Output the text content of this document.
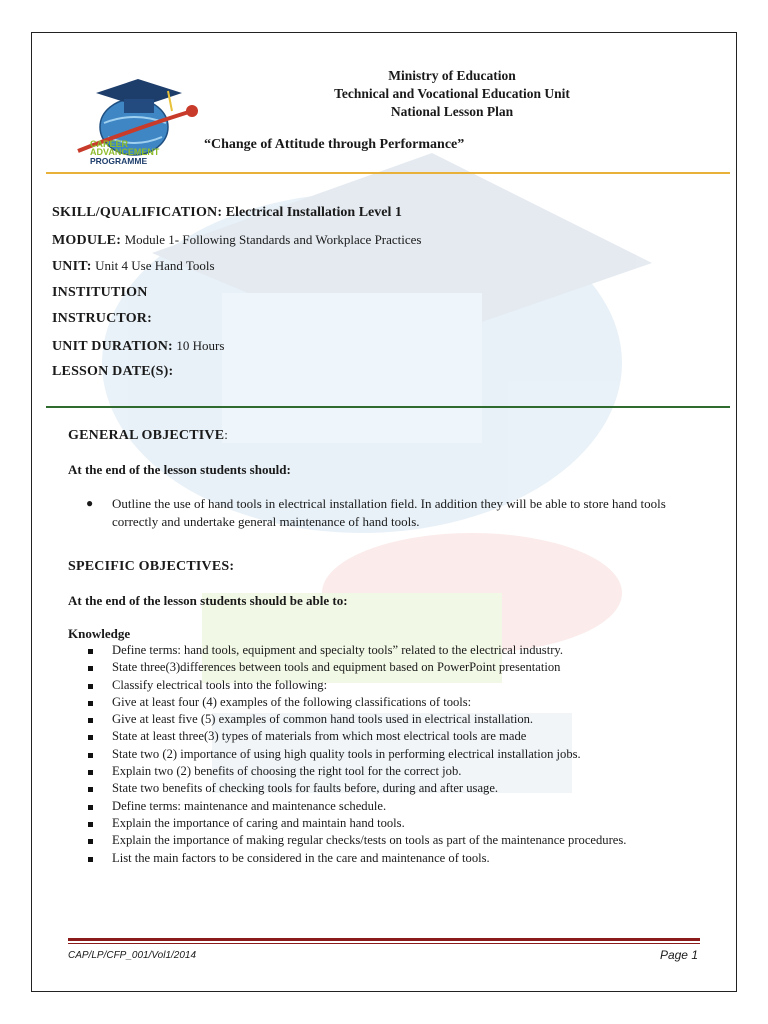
CAREER
ADVANCEMENT
PROGRAMME
Ministry of Education
Technical and Vocational Education Unit
National Lesson Plan
“Change of Attitude through Performance”
SKILL/QUALIFICATION: Electrical Installation Level 1
MODULE: Module 1- Following Standards and Workplace Practices
UNIT: Unit 4 Use Hand Tools
INSTITUTION
INSTRUCTOR:
UNIT DURATION: 10 Hours
LESSON DATE(S):
GENERAL OBJECTIVE:
At the end of the lesson students should:
● Outline the use of hand tools in electrical installation field. In addition they will be able to store hand tools correctly and undertake general maintenance of hand tools.
SPECIFIC OBJECTIVES:
At the end of the lesson students should be able to:
Knowledge
Define terms: hand tools, equipment and specialty tools” related to the electrical industry.
State three(3)differences between tools and equipment based on PowerPoint presentation
Classify electrical tools into the following:
Give at least four (4) examples of the following classifications of tools:
Give at least five (5) examples of common hand tools used in electrical installation.
State at least three(3) types of materials from which most electrical tools are made
State two (2) importance of using high quality tools in performing electrical installation jobs.
Explain two (2) benefits of choosing the right tool for the correct job.
State two benefits of checking tools for faults before, during and after usage.
Define terms: maintenance and maintenance schedule.
Explain the importance of caring and maintain hand tools.
Explain the importance of making regular checks/tests on tools as part of the maintenance procedures.
List the main factors to be considered in the care and maintenance of tools.
CAP/LP/CFP_001/Vol1/2014	Page 1
